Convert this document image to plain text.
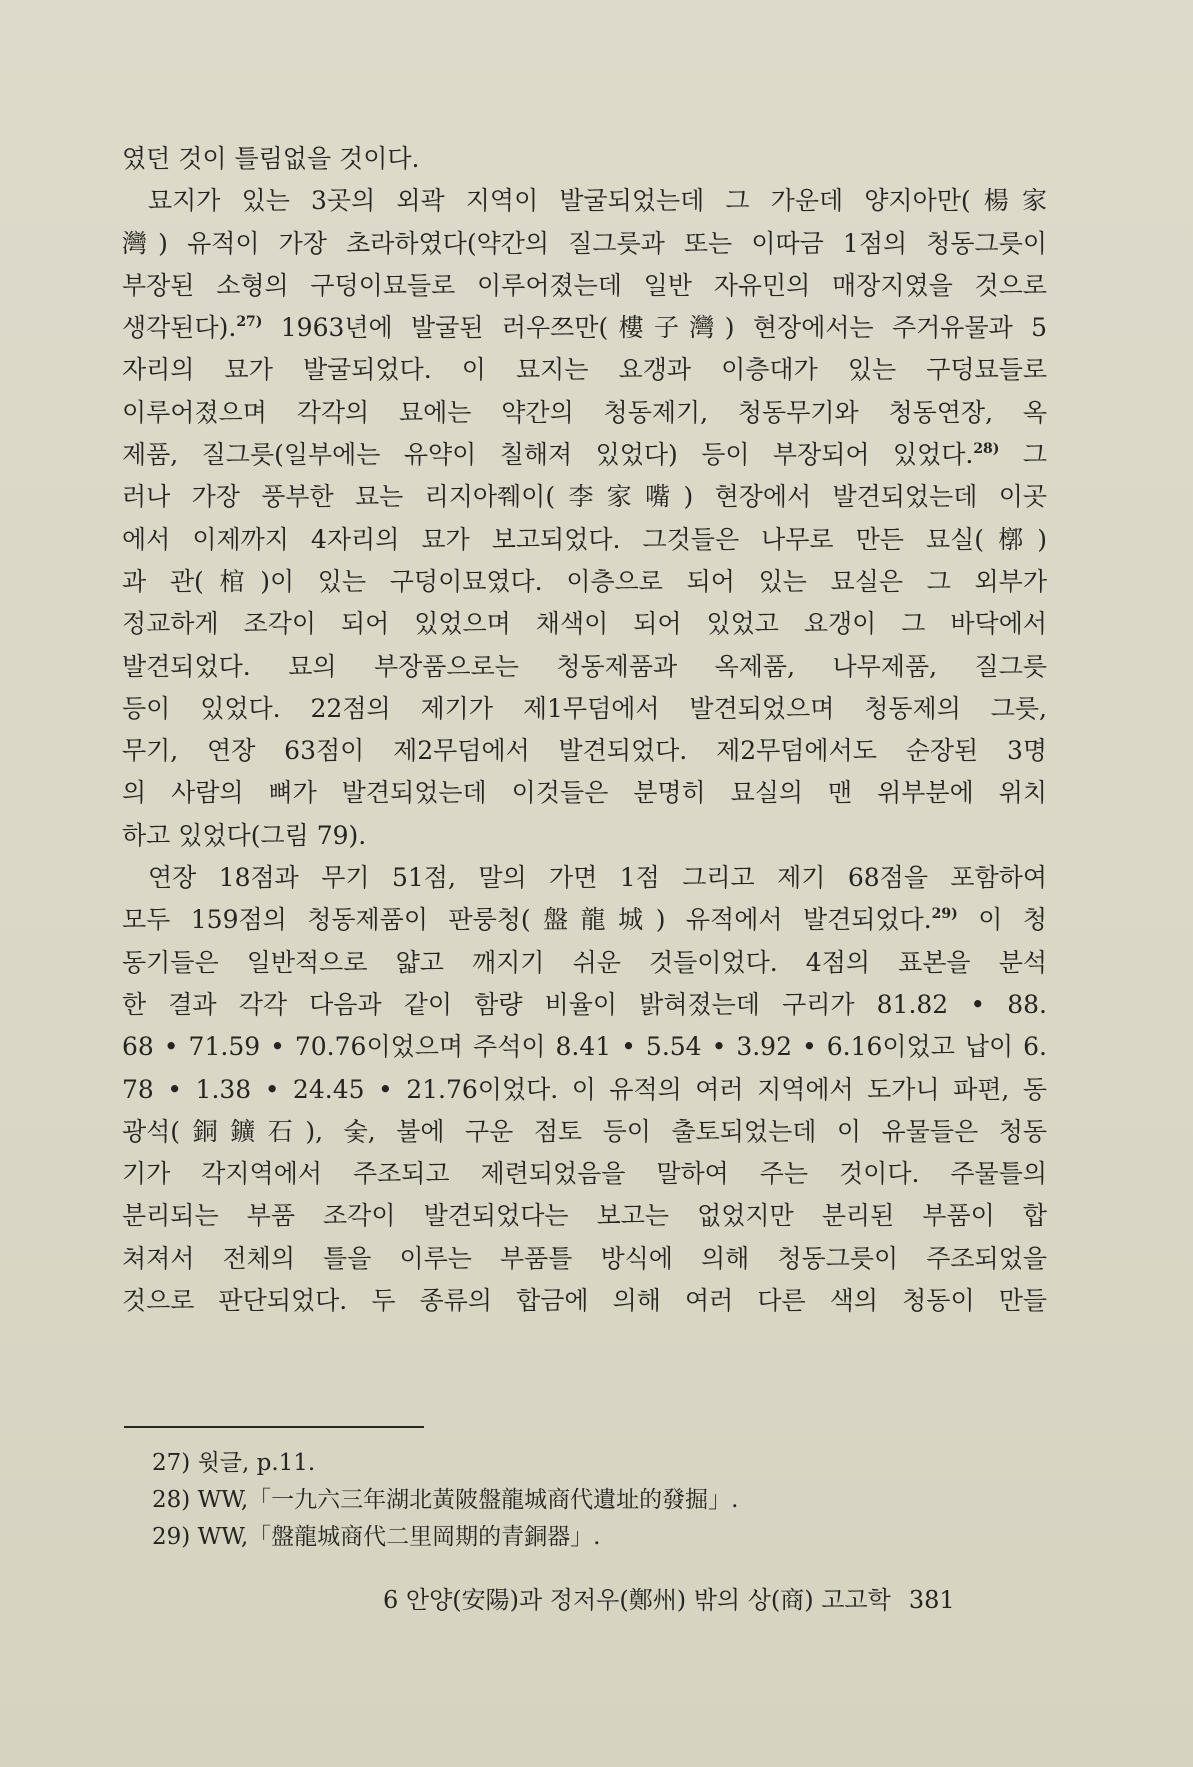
였던 것이 틀림없을 것이다.
묘지가 있는 3곳의 외곽 지역이 발굴되었는데 그 가운데 양지아만(楊家
灣) 유적이 가장 초라하였다(약간의 질그릇과 또는 이따금 1점의 청동그릇이
부장된 소형의 구덩이묘들로 이루어졌는데 일반 자유민의 매장지였을 것으로
생각된다).$^{27)}$ 1963년에 발굴된 러우쯔만(樓子灣) 현장에서는 주거유물과 5
자리의 묘가 발굴되었다. 이 묘지는 요갱과 이층대가 있는 구덩묘들로
이루어졌으며 각각의 묘에는 약간의 청동제기, 청동무기와 청동연장, 옥
제품, 질그릇(일부에는 유약이 칠해져 있었다) 등이 부장되어 있었다.$^{28)}$ 그
러나 가장 풍부한 묘는 리지아쮀이(李家嘴) 현장에서 발견되었는데 이곳
에서 이제까지 4자리의 묘가 보고되었다. 그것들은 나무로 만든 묘실(槨)
과 관(棺)이 있는 구덩이묘였다. 이층으로 되어 있는 묘실은 그 외부가
정교하게 조각이 되어 있었으며 채색이 되어 있었고 요갱이 그 바닥에서
발견되었다. 묘의 부장품으로는 청동제품과 옥제품, 나무제품, 질그릇
등이 있었다. 22점의 제기가 제1무덤에서 발견되었으며 청동제의 그릇,
무기, 연장 63점이 제2무덤에서 발견되었다. 제2무덤에서도 순장된 3명
의 사람의 뼈가 발견되었는데 이것들은 분명히 묘실의 맨 위부분에 위치
하고 있었다(그림 79).
연장 18점과 무기 51점, 말의 가면 1점 그리고 제기 68점을 포함하여
모두 159점의 청동제품이 판룽청(盤龍城) 유적에서 발견되었다.$^{29)}$ 이 청
동기들은 일반적으로 얇고 깨지기 쉬운 것들이었다. 4점의 표본을 분석
한 결과 각각 다음과 같이 함량 비율이 밝혀졌는데 구리가 81.82 • 88.
68 • 71.59 • 70.76이었으며 주석이 8.41 • 5.54 • 3.92 • 6.16이었고 납이 6.
78 • 1.38 • 24.45 • 21.76이었다. 이 유적의 여러 지역에서 도가니 파편, 동
광석(銅鑛石), 숯, 불에 구운 점토 등이 출토되었는데 이 유물들은 청동
기가 각지역에서 주조되고 제련되었음을 말하여 주는 것이다. 주물틀의
분리되는 부품 조각이 발견되었다는 보고는 없었지만 분리된 부품이 합
쳐져서 전체의 틀을 이루는 부품틀 방식에 의해 청동그릇이 주조되었을
것으로 판단되었다. 두 종류의 합금에 의해 여러 다른 색의 청동이 만들
27) 윗글, p.11.
28) WW,「一九六三年湖北黃陂盤龍城商代遺址的發掘」.
29) WW,「盤龍城商代二里岡期的青銅器」.
6 안양(安陽)과 정저우(鄭州) 밖의 상(商) 고고학 381
